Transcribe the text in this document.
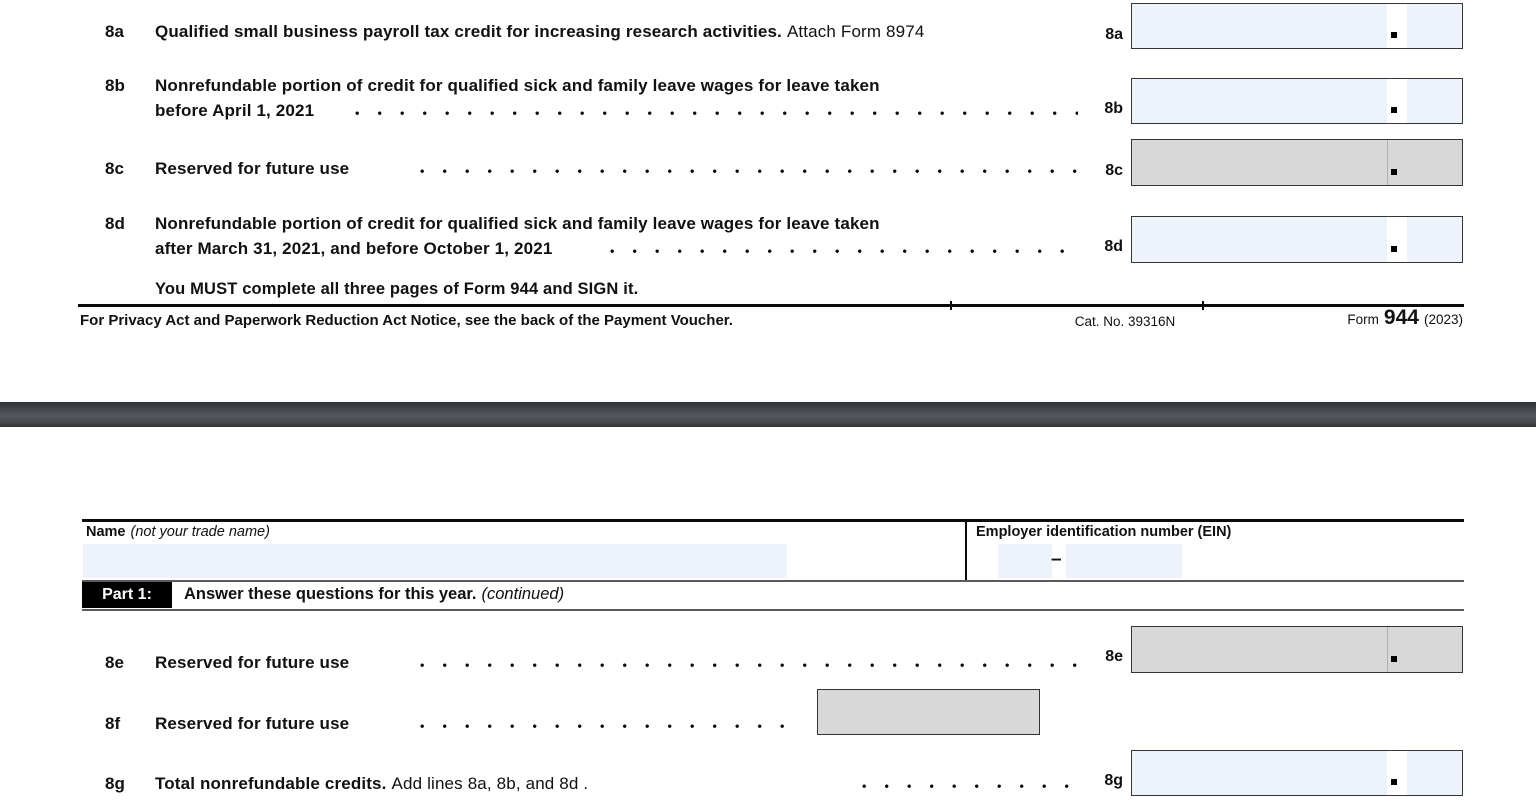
8a Qualified small business payroll tax credit for increasing research activities. Attach Form 8974	8a
8b Nonrefundable portion of credit for qualified sick and family leave wages for leave taken
before April 1, 2021	8b
8c Reserved for future use	8c
8d Nonrefundable portion of credit for qualified sick and family leave wages for leave taken
after March 31, 2021, and before October 1, 2021	8d
You MUST complete all three pages of Form 944 and SIGN it.
For Privacy Act and Paperwork Reduction Act Notice, see the back of the Payment Voucher.	Cat. No. 39316N	Form 944 (2023)
Name (not your trade name)	Employer identification number (EIN)
–
Part 1:	Answer these questions for this year. (continued)
8e Reserved for future use	8e
8f Reserved for future use
8g Total nonrefundable credits. Add lines 8a, 8b, and 8d .	8g
